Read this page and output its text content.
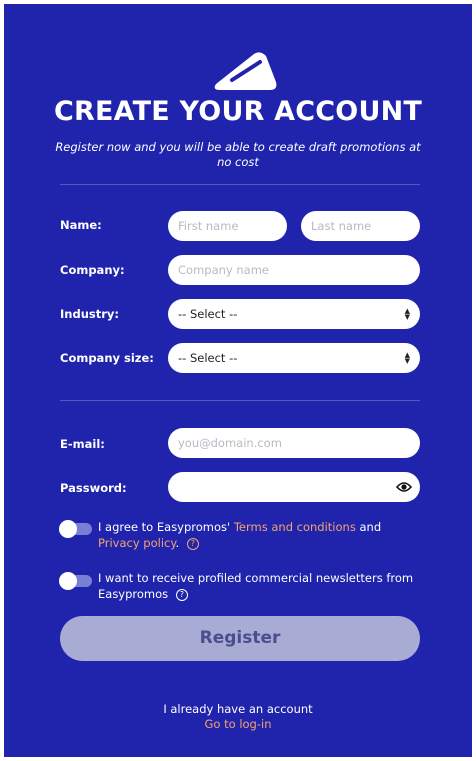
CREATE YOUR ACCOUNT
Register now and you will be able to create draft promotions at no cost
Name:
First name
Last name
Company:
Company name
Industry:	-- Select --	▲
▼
Company size: -- Select --	▲
▼
E-mail:
you@domain.com
Password:
I agree to Easypromos' Terms and conditions and
Privacy policy. ?
I want to receive profiled commercial newsletters from Easypromos ?
Register
I already have an account
Go to log-in
